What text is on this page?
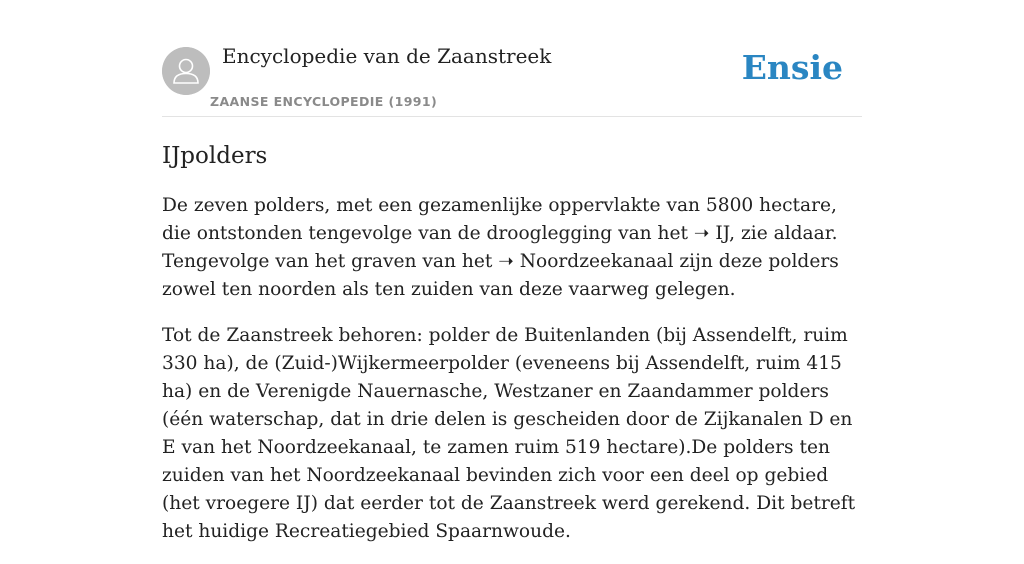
Encyclopedie van de Zaanstreek
ZAANSE ENCYCLOPEDIE (1991)
Ensie
IJpolders

De zeven polders, met een gezamenlijke oppervlakte van 5800 hectare, die ontstonden tengevolge van de drooglegging van het ➝ IJ, zie aldaar. Tengevolge van het graven van het ➝ Noordzeekanaal zijn deze polders zowel ten noorden als ten zuiden van deze vaarweg gelegen.

Tot de Zaanstreek behoren: polder de Buitenlanden (bij Assendelft, ruim 330 ha), de (Zuid-)Wijkermeerpolder (eveneens bij Assendelft, ruim 415 ha) en de Verenigde Nauernasche, Westzaner en Zaandammer polders (één waterschap, dat in drie delen is gescheiden door de Zijkanalen D en E van het Noordzeekanaal, te zamen ruim 519 hectare).De polders ten zuiden van het Noordzeekanaal bevinden zich voor een deel op gebied (het vroegere IJ) dat eerder tot de Zaanstreek werd gerekend. Dit betreft het huidige Recreatiegebied Spaarnwoude.
